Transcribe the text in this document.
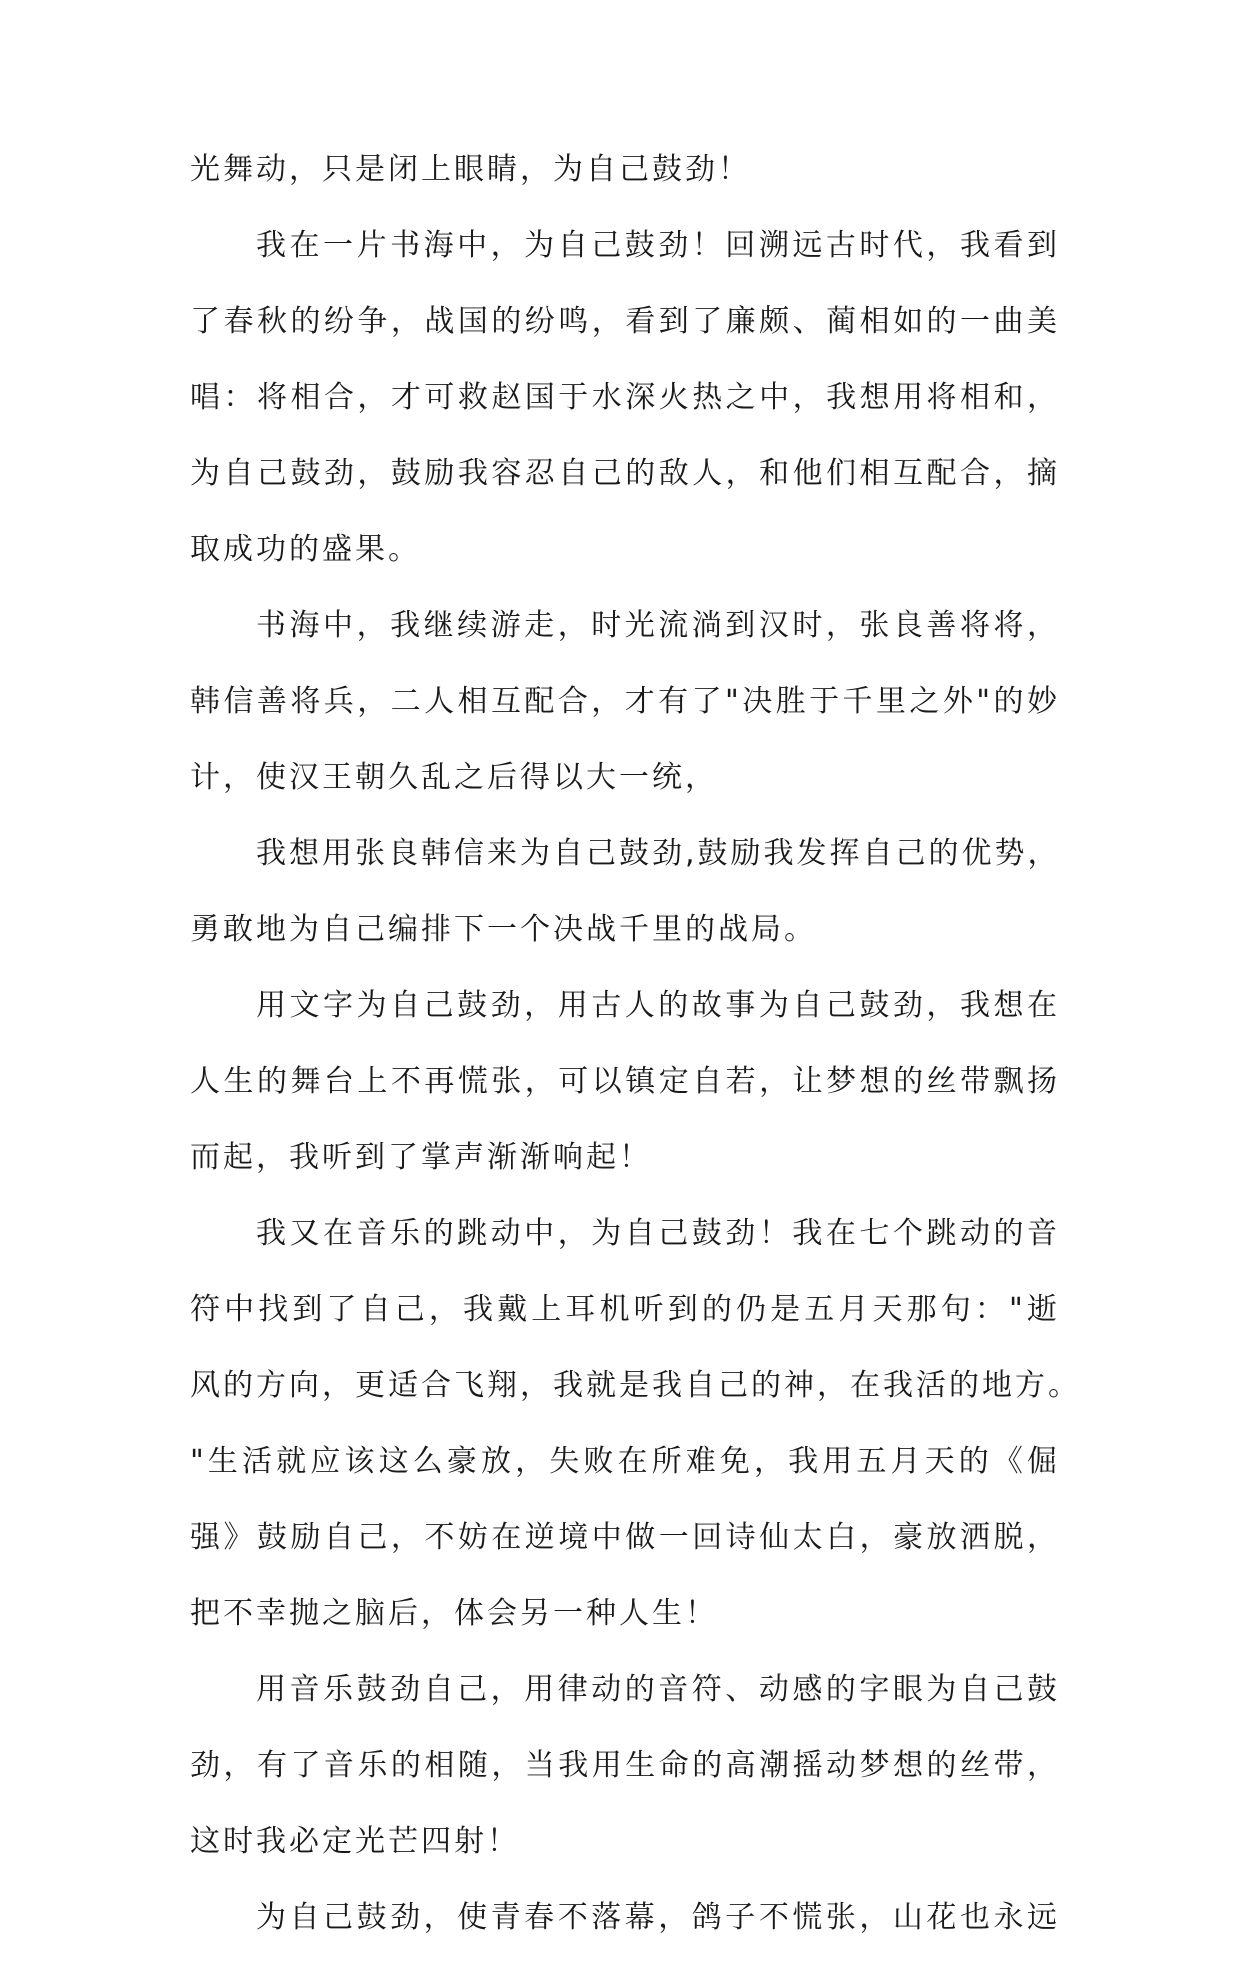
光舞动，只是闭上眼睛，为自己鼓劲！
我在一片书海中，为自己鼓劲！回溯远古时代，我看到
了春秋的纷争，战国的纷鸣，看到了廉颇、蔺相如的一曲美
唱：将相合，才可救赵国于水深火热之中，我想用将相和，
为自己鼓劲，鼓励我容忍自己的敌人，和他们相互配合，摘
取成功的盛果。
书海中，我继续游走，时光流淌到汉时，张良善将将，
韩信善将兵，二人相互配合，才有了"决胜于千里之外"的妙
计，使汉王朝久乱之后得以大一统，
我想用张良韩信来为自己鼓劲,鼓励我发挥自己的优势，
勇敢地为自己编排下一个决战千里的战局。
用文字为自己鼓劲，用古人的故事为自己鼓劲，我想在
人生的舞台上不再慌张，可以镇定自若，让梦想的丝带飘扬
而起，我听到了掌声渐渐响起！
我又在音乐的跳动中，为自己鼓劲！我在七个跳动的音
符中找到了自己，我戴上耳机听到的仍是五月天那句："逝
风的方向，更适合飞翔，我就是我自己的神，在我活的地方。
"生活就应该这么豪放，失败在所难免，我用五月天的《倔
强》鼓励自己，不妨在逆境中做一回诗仙太白，豪放洒脱，
把不幸抛之脑后，体会另一种人生！
用音乐鼓劲自己，用律动的音符、动感的字眼为自己鼓
劲，有了音乐的相随，当我用生命的高潮摇动梦想的丝带，
这时我必定光芒四射！
为自己鼓劲，使青春不落幕，鸽子不慌张，山花也永远
